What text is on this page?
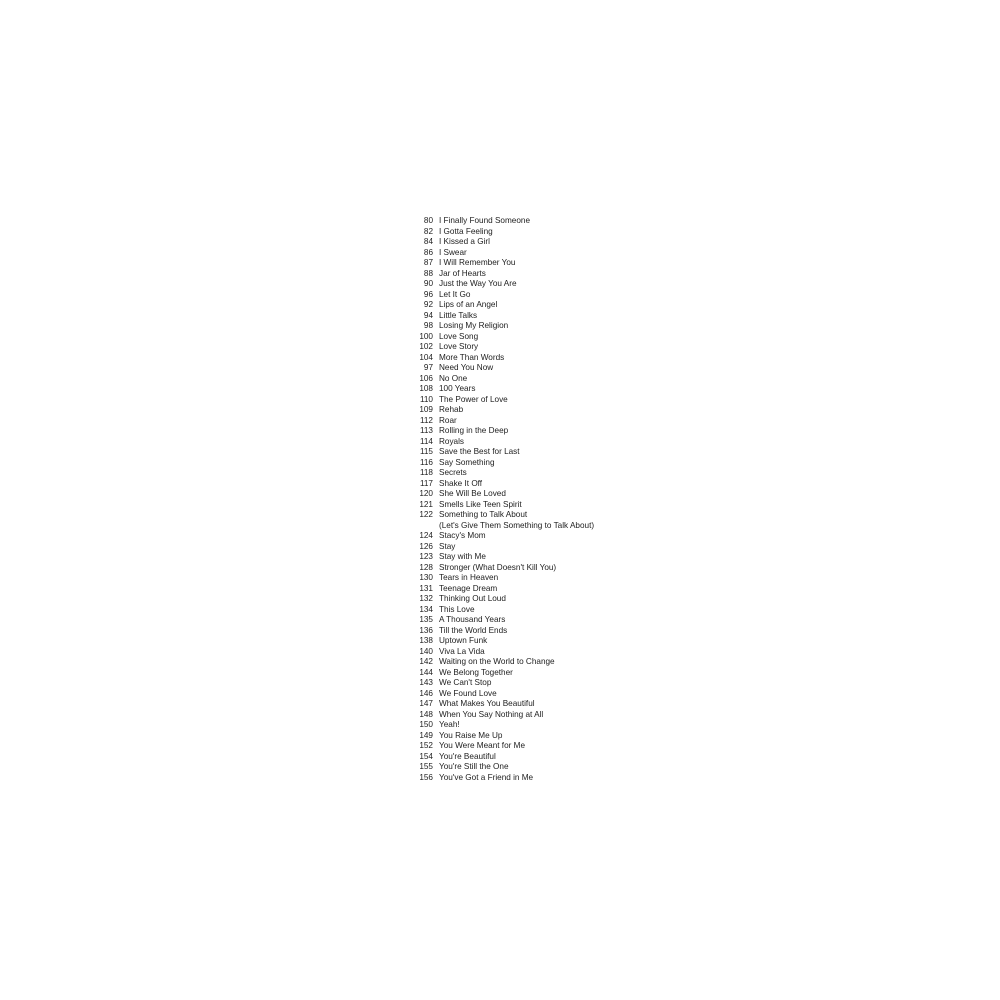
80 I Finally Found Someone
82 I Gotta Feeling
84 I Kissed a Girl
86 I Swear
87 I Will Remember You
88 Jar of Hearts
90 Just the Way You Are
96 Let It Go
92 Lips of an Angel
94 Little Talks
98 Losing My Religion
100 Love Song
102 Love Story
104 More Than Words
97 Need You Now
106 No One
108 100 Years
110 The Power of Love
109 Rehab
112 Roar
113 Rolling in the Deep
114 Royals
115 Save the Best for Last
116 Say Something
118 Secrets
117 Shake It Off
120 She Will Be Loved
121 Smells Like Teen Spirit
122 Something to Talk About
(Let's Give Them Something to Talk About)
124 Stacy's Mom
126 Stay
123 Stay with Me
128 Stronger (What Doesn't Kill You)
130 Tears in Heaven
131 Teenage Dream
132 Thinking Out Loud
134 This Love
135 A Thousand Years
136 Till the World Ends
138 Uptown Funk
140 Viva La Vida
142 Waiting on the World to Change
144 We Belong Together
143 We Can't Stop
146 We Found Love
147 What Makes You Beautiful
148 When You Say Nothing at All
150 Yeah!
149 You Raise Me Up
152 You Were Meant for Me
154 You're Beautiful
155 You're Still the One
156 You've Got a Friend in Me
